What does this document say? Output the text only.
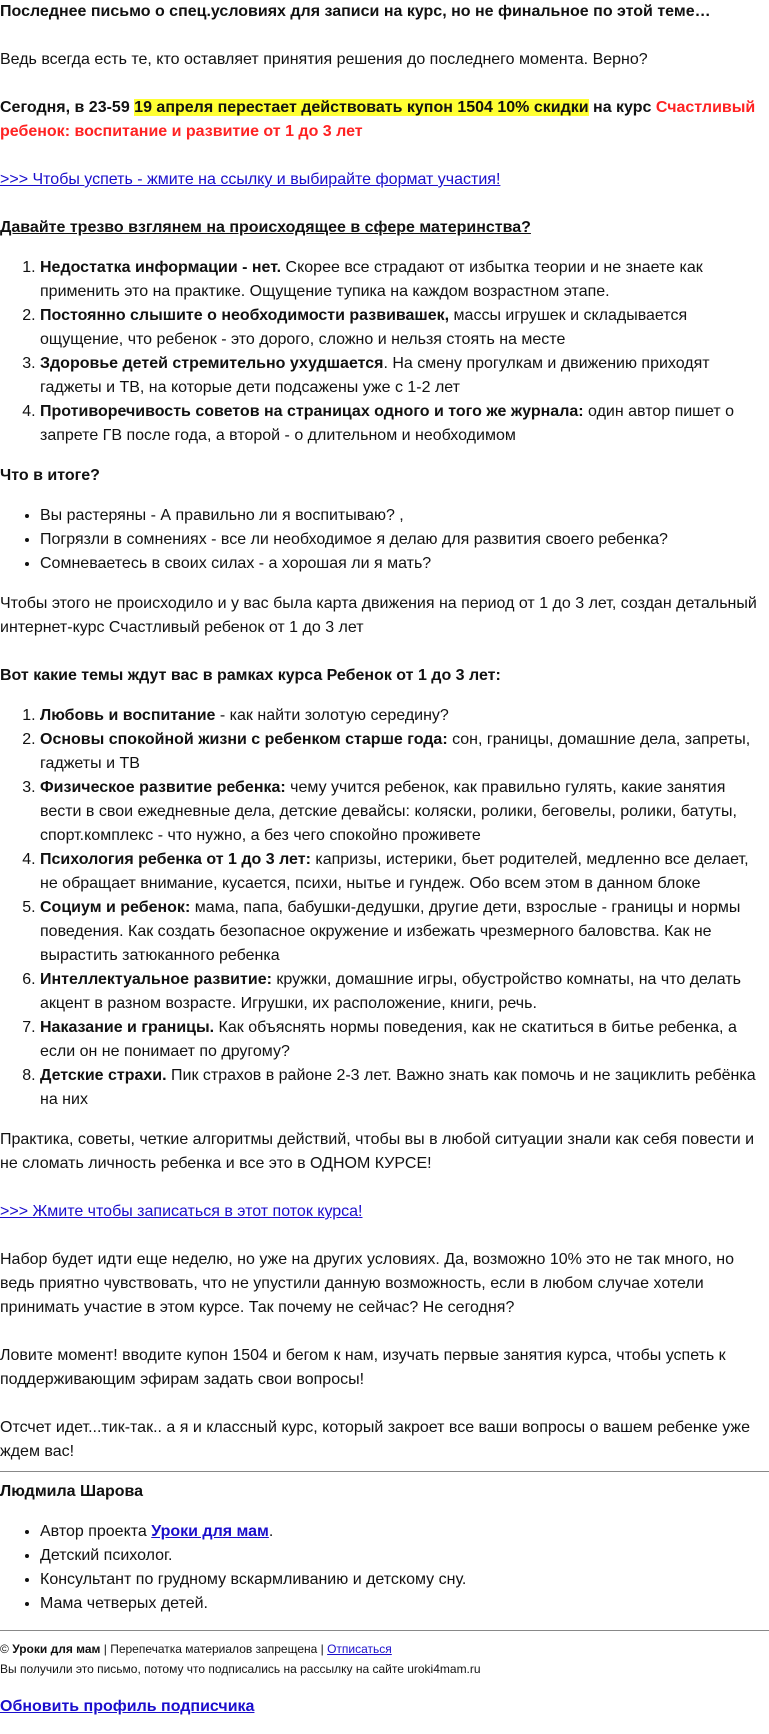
Последнее письмо о спец.условиях для записи на курс, но не финальное по этой теме…

Ведь всегда есть те, кто оставляет принятия решения до последнего момента. Верно?

Сегодня, в 23-59 19 апреля перестает действовать купон 1504 10% скидки на курс Счастливый ребенок: воспитание и развитие от 1 до 3 лет

>>> Чтобы успеть - жмите на ссылку и выбирайте формат участия!

Давайте трезво взглянем на происходящее в сфере материнства?

1. Недостатка информации - нет. Скорее все страдают от избытка теории и не знаете как применить это на практике. Ощущение тупика на каждом возрастном этапе.
2. Постоянно слышите о необходимости развивашек, массы игрушек и складывается ощущение, что ребенок - это дорого, сложно и нельзя стоять на месте
3. Здоровье детей стремительно ухудшается. На смену прогулкам и движению приходят гаджеты и ТВ, на которые дети подсажены уже с 1-2 лет
4. Противоречивость советов на страницах одного и того же журнала: один автор пишет о запрете ГВ после года, а второй - о длительном и необходимом

Что в итоге?

• Вы растеряны - А правильно ли я воспитываю? ,
• Погрязли в сомнениях - все ли необходимое я делаю для развития своего ребенка?
• Сомневаетесь в своих силах - а хорошая ли я мать?

Чтобы этого не происходило и у вас была карта движения на период от 1 до 3 лет, создан детальный интернет-курс Счастливый ребенок от 1 до 3 лет

Вот какие темы ждут вас в рамках курса Ребенок от 1 до 3 лет:

1. Любовь и воспитание - как найти золотую середину?
2. Основы спокойной жизни с ребенком старше года: сон, границы, домашние дела, запреты, гаджеты и ТВ
3. Физическое развитие ребенка: чему учится ребенок, как правильно гулять, какие занятия вести в свои ежедневные дела, детские девайсы: коляски, ролики, беговелы, ролики, батуты, спорт.комплекс - что нужно, а без чего спокойно проживете
4. Психология ребенка от 1 до 3 лет: капризы, истерики, бьет родителей, медленно все делает, не обращает внимание, кусается, психи, нытье и гундеж. Обо всем этом в данном блоке
5. Социум и ребенок: мама, папа, бабушки-дедушки, другие дети, взрослые - границы и нормы поведения. Как создать безопасное окружение и избежать чрезмерного баловства. Как не вырастить затюканного ребенка
6. Интеллектуальное развитие: кружки, домашние игры, обустройство комнаты, на что делать акцент в разном возрасте. Игрушки, их расположение, книги, речь.
7. Наказание и границы. Как объяснять нормы поведения, как не скатиться в битье ребенка, а если он не понимает по другому?
8. Детские страхи. Пик страхов в районе 2-3 лет. Важно знать как помочь и не зациклить ребёнка на них

Практика, советы, четкие алгоритмы действий, чтобы вы в любой ситуации знали как себя повести и не сломать личность ребенка и все это в ОДНОМ КУРСЕ!

>>> Жмите чтобы записаться в этот поток курса!

Набор будет идти еще неделю, но уже на других условиях. Да, возможно 10% это не так много, но ведь приятно чувствовать, что не упустили данную возможность, если в любом случае хотели принимать участие в этом курсе. Так почему не сейчас? Не сегодня?

Ловите момент! вводите купон 1504 и бегом к нам, изучать первые занятия курса, чтобы успеть к поддерживающим эфирам задать свои вопросы!

Отсчет идет...тик-так.. а я и классный курс, который закроет все ваши вопросы о вашем ребенке уже ждем вас!

Людмила Шарова

• Автор проекта Уроки для мам.
• Детский психолог.
• Консультант по грудному вскармливанию и детскому сну.
• Мама четверых детей.

© Уроки для мам | Перепечатка материалов запрещена | Отписаться

Вы получили это письмо, потому что подписались на рассылку на сайте uroki4mam.ru

Обновить профиль подписчика
